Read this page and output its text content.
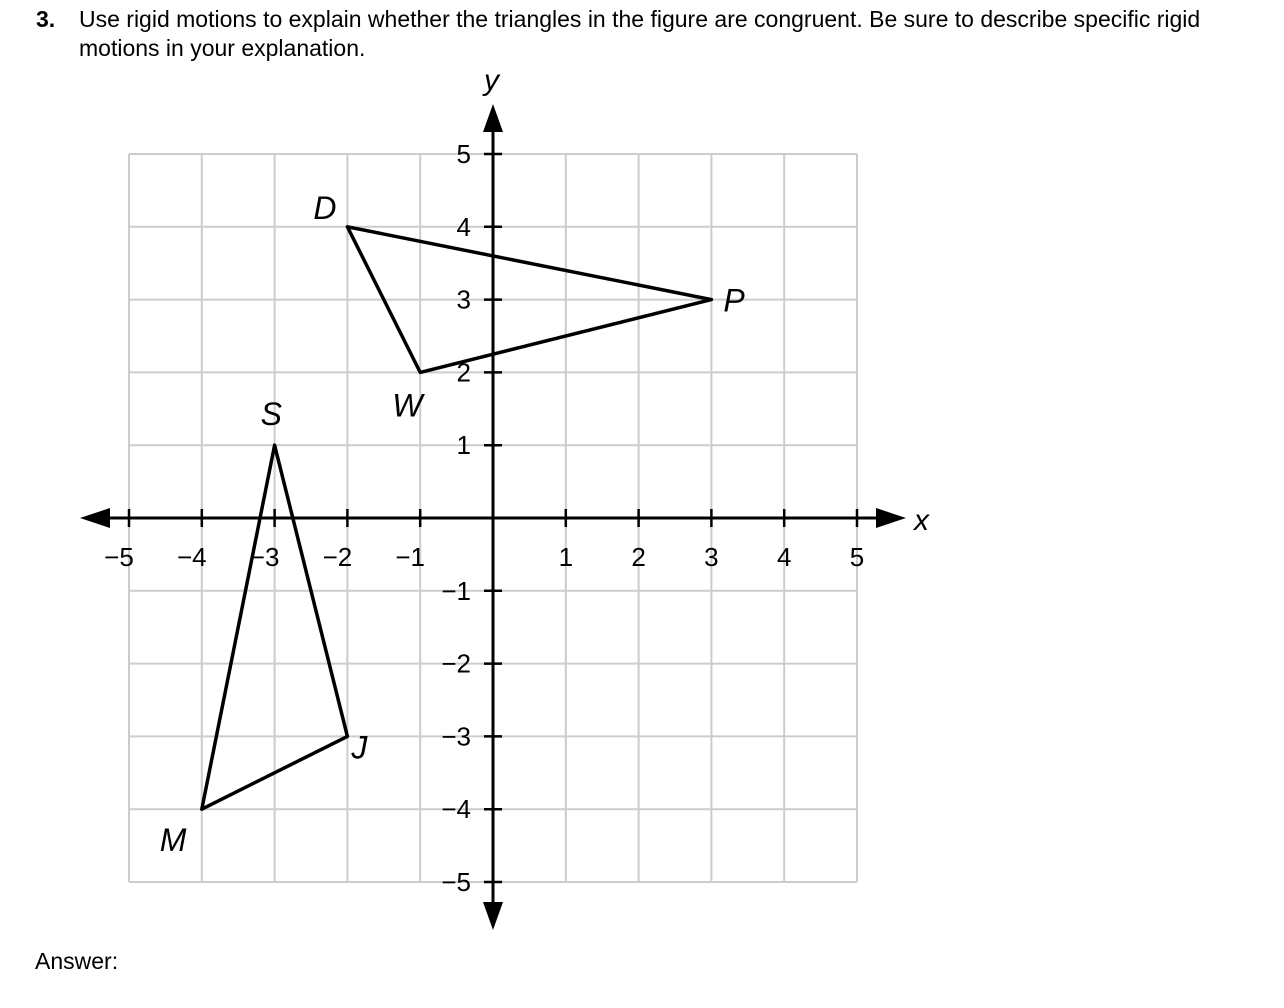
3. Use rigid motions to explain whether the triangles in the figure are congruent. Be sure to describe specific rigid motions in your explanation.
−5 −4 −3 −2 −1	1 2 3 4 5
5
4
3
2
1
−1
−2
−3
−4
−5
x
y
D
P
W
S
J
M
Answer:
